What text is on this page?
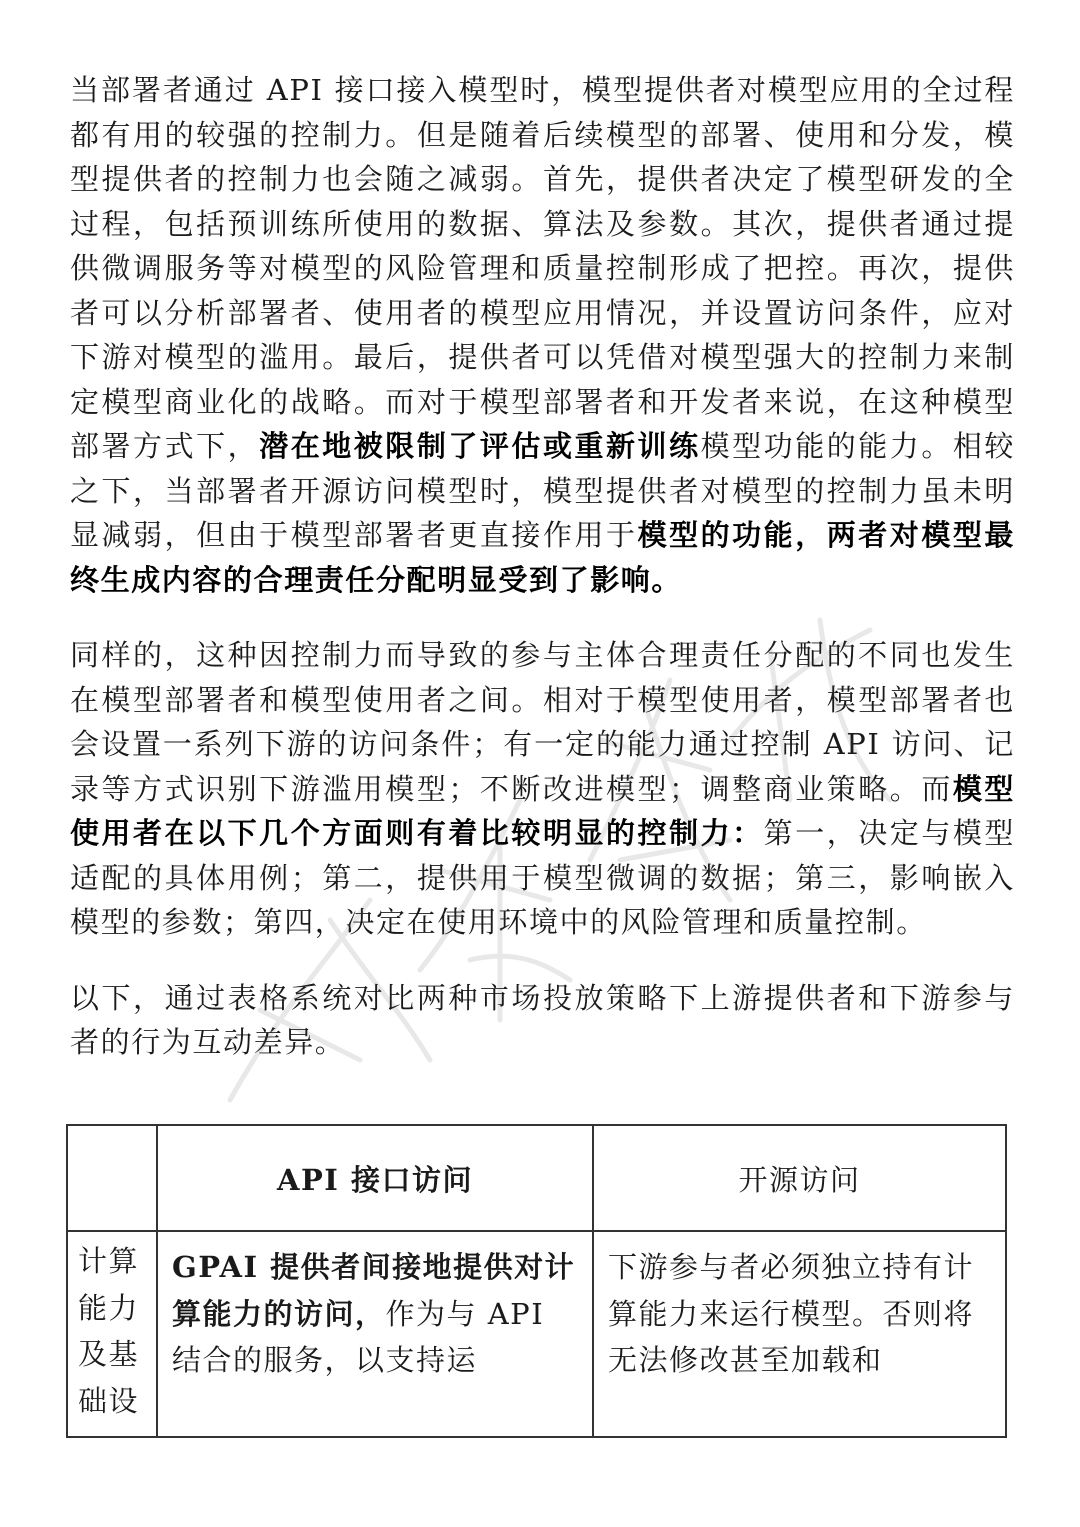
当部署者通过 API 接口接入模型时，模型提供者对模型应用的全过程都有用的较强的控制力。但是随着后续模型的部署、使用和分发，模型提供者的控制力也会随之减弱。首先，提供者决定了模型研发的全过程，包括预训练所使用的数据、算法及参数。其次，提供者通过提供微调服务等对模型的风险管理和质量控制形成了把控。再次，提供者可以分析部署者、使用者的模型应用情况，并设置访问条件，应对下游对模型的滥用。最后，提供者可以凭借对模型强大的控制力来制定模型商业化的战略。而对于模型部署者和开发者来说，在这种模型部署方式下，潜在地被限制了评估或重新训练模型功能的能力。相较之下，当部署者开源访问模型时，模型提供者对模型的控制力虽未明显减弱，但由于模型部署者更直接作用于模型的功能，两者对模型最终生成内容的合理责任分配明显受到了影响。

同样的，这种因控制力而导致的参与主体合理责任分配的不同也发生在模型部署者和模型使用者之间。相对于模型使用者，模型部署者也会设置一系列下游的访问条件；有一定的能力通过控制 API 访问、记录等方式识别下游滥用模型；不断改进模型；调整商业策略。而模型使用者在以下几个方面则有着比较明显的控制力：第一，决定与模型适配的具体用例；第二，提供用于模型微调的数据；第三，影响嵌入模型的参数；第四，决定在使用环境中的风险管理和质量控制。

以下，通过表格系统对比两种市场投放策略下上游提供者和下游参与者的行为互动差异。

	API 接口访问	开源访问
计算能力及基础设	GPAI 提供者间接地提供对计算能力的访问，作为与 API 结合的服务，以支持运	下游参与者必须独立持有计算能力来运行模型。否则将无法修改甚至加载和
